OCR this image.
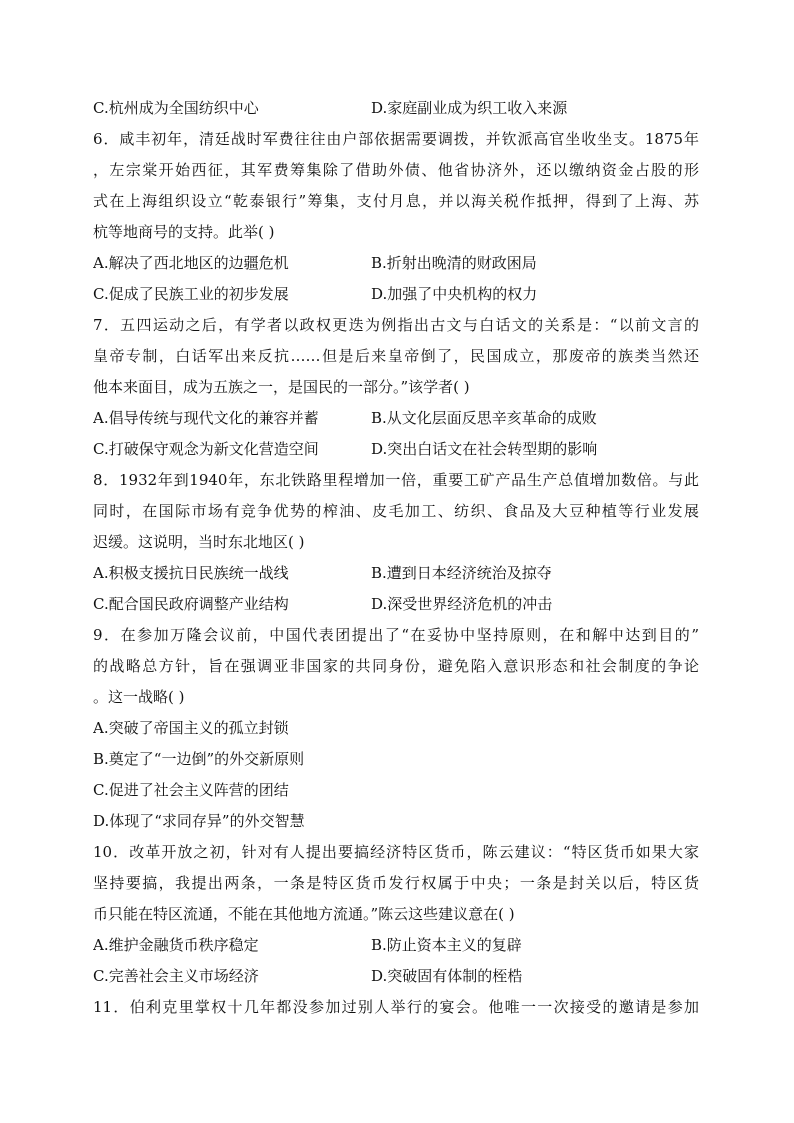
C.杭州成为全国纺织中心	D.家庭副业成为织工收入来源
6．咸丰初年，清廷战时军费往往由户部依据需要调拨，并钦派高官坐收坐支。1875年
，左宗棠开始西征，其军费筹集除了借助外债、他省协济外，还以缴纳资金占股的形
式在上海组织设立“乾泰银行”筹集，支付月息，并以海关税作抵押，得到了上海、苏
杭等地商号的支持。此举( )
A.解决了西北地区的边疆危机	B.折射出晚清的财政困局
C.促成了民族工业的初步发展	D.加强了中央机构的权力
7．五四运动之后，有学者以政权更迭为例指出古文与白话文的关系是：“以前文言的
皇帝专制，白话军出来反抗……但是后来皇帝倒了，民国成立，那废帝的族类当然还
他本来面目，成为五族之一，是国民的一部分。”该学者( )
A.倡导传统与现代文化的兼容并蓄	B.从文化层面反思辛亥革命的成败
C.打破保守观念为新文化营造空间	D.突出白话文在社会转型期的影响
8．1932年到1940年，东北铁路里程增加一倍，重要工矿产品生产总值增加数倍。与此
同时，在国际市场有竞争优势的榨油、皮毛加工、纺织、食品及大豆种植等行业发展
迟缓。这说明，当时东北地区( )
A.积极支援抗日民族统一战线	B.遭到日本经济统治及掠夺
C.配合国民政府调整产业结构	D.深受世界经济危机的冲击
9．在参加万隆会议前，中国代表团提出了“在妥协中坚持原则，在和解中达到目的”
的战略总方针，旨在强调亚非国家的共同身份，避免陷入意识形态和社会制度的争论
。这一战略( )
A.突破了帝国主义的孤立封锁
B.奠定了“一边倒”的外交新原则
C.促进了社会主义阵营的团结
D.体现了“求同存异”的外交智慧
10．改革开放之初，针对有人提出要搞经济特区货币，陈云建议：“特区货币如果大家
坚持要搞，我提出两条，一条是特区货币发行权属于中央；一条是封关以后，特区货
币只能在特区流通，不能在其他地方流通。”陈云这些建议意在( )
A.维护金融货币秩序稳定	B.防止资本主义的复辟
C.完善社会主义市场经济	D.突破固有体制的桎梏
11．伯利克里掌权十几年都没参加过别人举行的宴会。他唯一一次接受的邀请是参加
